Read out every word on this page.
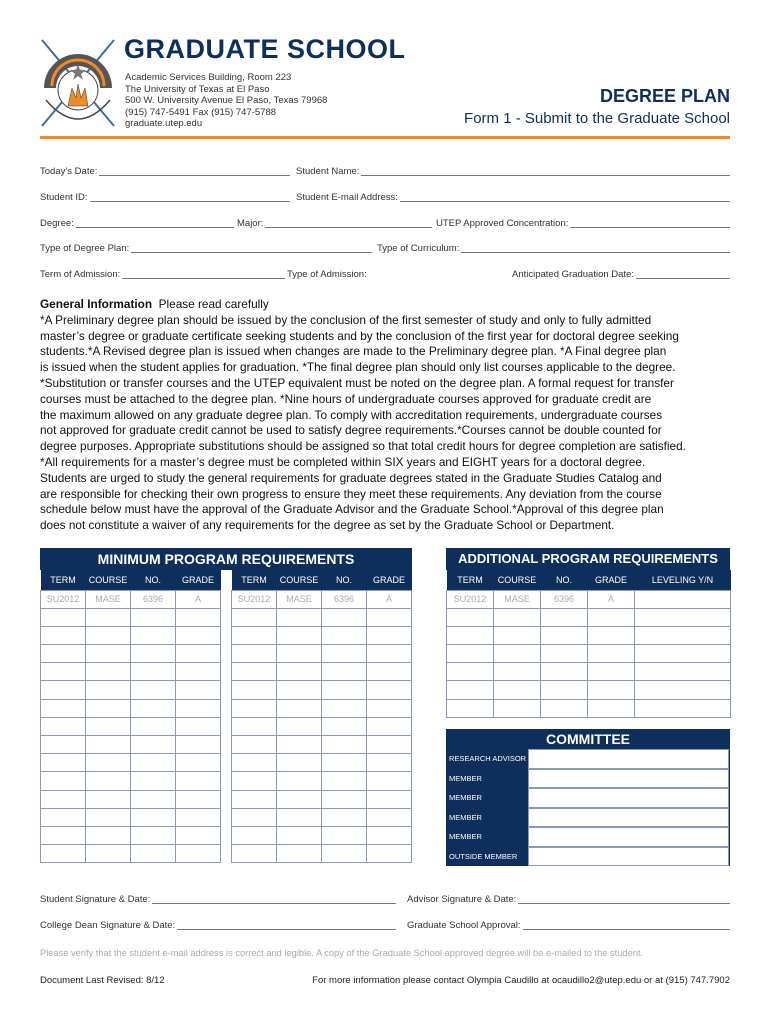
GRADUATE SCHOOL
Academic Services Building, Room 223
The University of Texas at El Paso
500 W. University Avenue El Paso, Texas 79968
(915) 747-5491 Fax (915) 747-5788
graduate.utep.edu
DEGREE PLAN
Form 1 - Submit to the Graduate School
Today’s Date:	Student Name:
Student ID:	Student E-mail Address:
Degree:	Major:	UTEP Approved Concentration:
Type of Degree Plan:	Type of Curriculum:
Term of Admission:	Type of Admission:	Anticipated Graduation Date:
General Information Please read carefully
*A Preliminary degree plan should be issued by the conclusion of the first semester of study and only to fully admitted
master’s degree or graduate certificate seeking students and by the conclusion of the first year for doctoral degree seeking
students.*A Revised degree plan is issued when changes are made to the Preliminary degree plan. *A Final degree plan
is issued when the student applies for graduation. *The final degree plan should only list courses applicable to the degree.
*Substitution or transfer courses and the UTEP equivalent must be noted on the degree plan. A formal request for transfer
courses must be attached to the degree plan. *Nine hours of undergraduate courses approved for graduate credit are
the maximum allowed on any graduate degree plan. To comply with accreditation requirements, undergraduate courses
not approved for graduate credit cannot be used to satisfy degree requirements.*Courses cannot be double counted for
degree purposes. Appropriate substitutions should be assigned so that total credit hours for degree completion are satisfied.
*All requirements for a master’s degree must be completed within SIX years and EIGHT years for a doctoral degree.
Students are urged to study the general requirements for graduate degrees stated in the Graduate Studies Catalog and
are responsible for checking their own progress to ensure they meet these requirements. Any deviation from the course
schedule below must have the approval of the Graduate Advisor and the Graduate School.*Approval of this degree plan
does not constitute a waiver of any requirements for the degree as set by the Graduate School or Department.
MINIMUM PROGRAM REQUIREMENTS
TERM	COURSE	NO.	GRADE
SU2012	MASE	6396	A

TERM	COURSE	NO.	GRADE
SU2012	MASE	6396	A

ADDITIONAL PROGRAM REQUIREMENTS
TERM	COURSE	NO.	GRADE	LEVELING Y/N
SU2012	MASE	6396	A	

COMMITTEE
RESEARCH ADVISOR
MEMBER
MEMBER
MEMBER
MEMBER
OUTSIDE MEMBER
Student Signature & Date:	Advisor Signature & Date:
College Dean Signature & Date:	Graduate School Approval:
Please verify that the student e-mail address is correct and legible. A copy of the Graduate School approved degree will be e-mailed to the student.
Document Last Revised: 8/12	For more information please contact Olympia Caudillo at ocaudillo2@utep.edu or at (915) 747.7902
